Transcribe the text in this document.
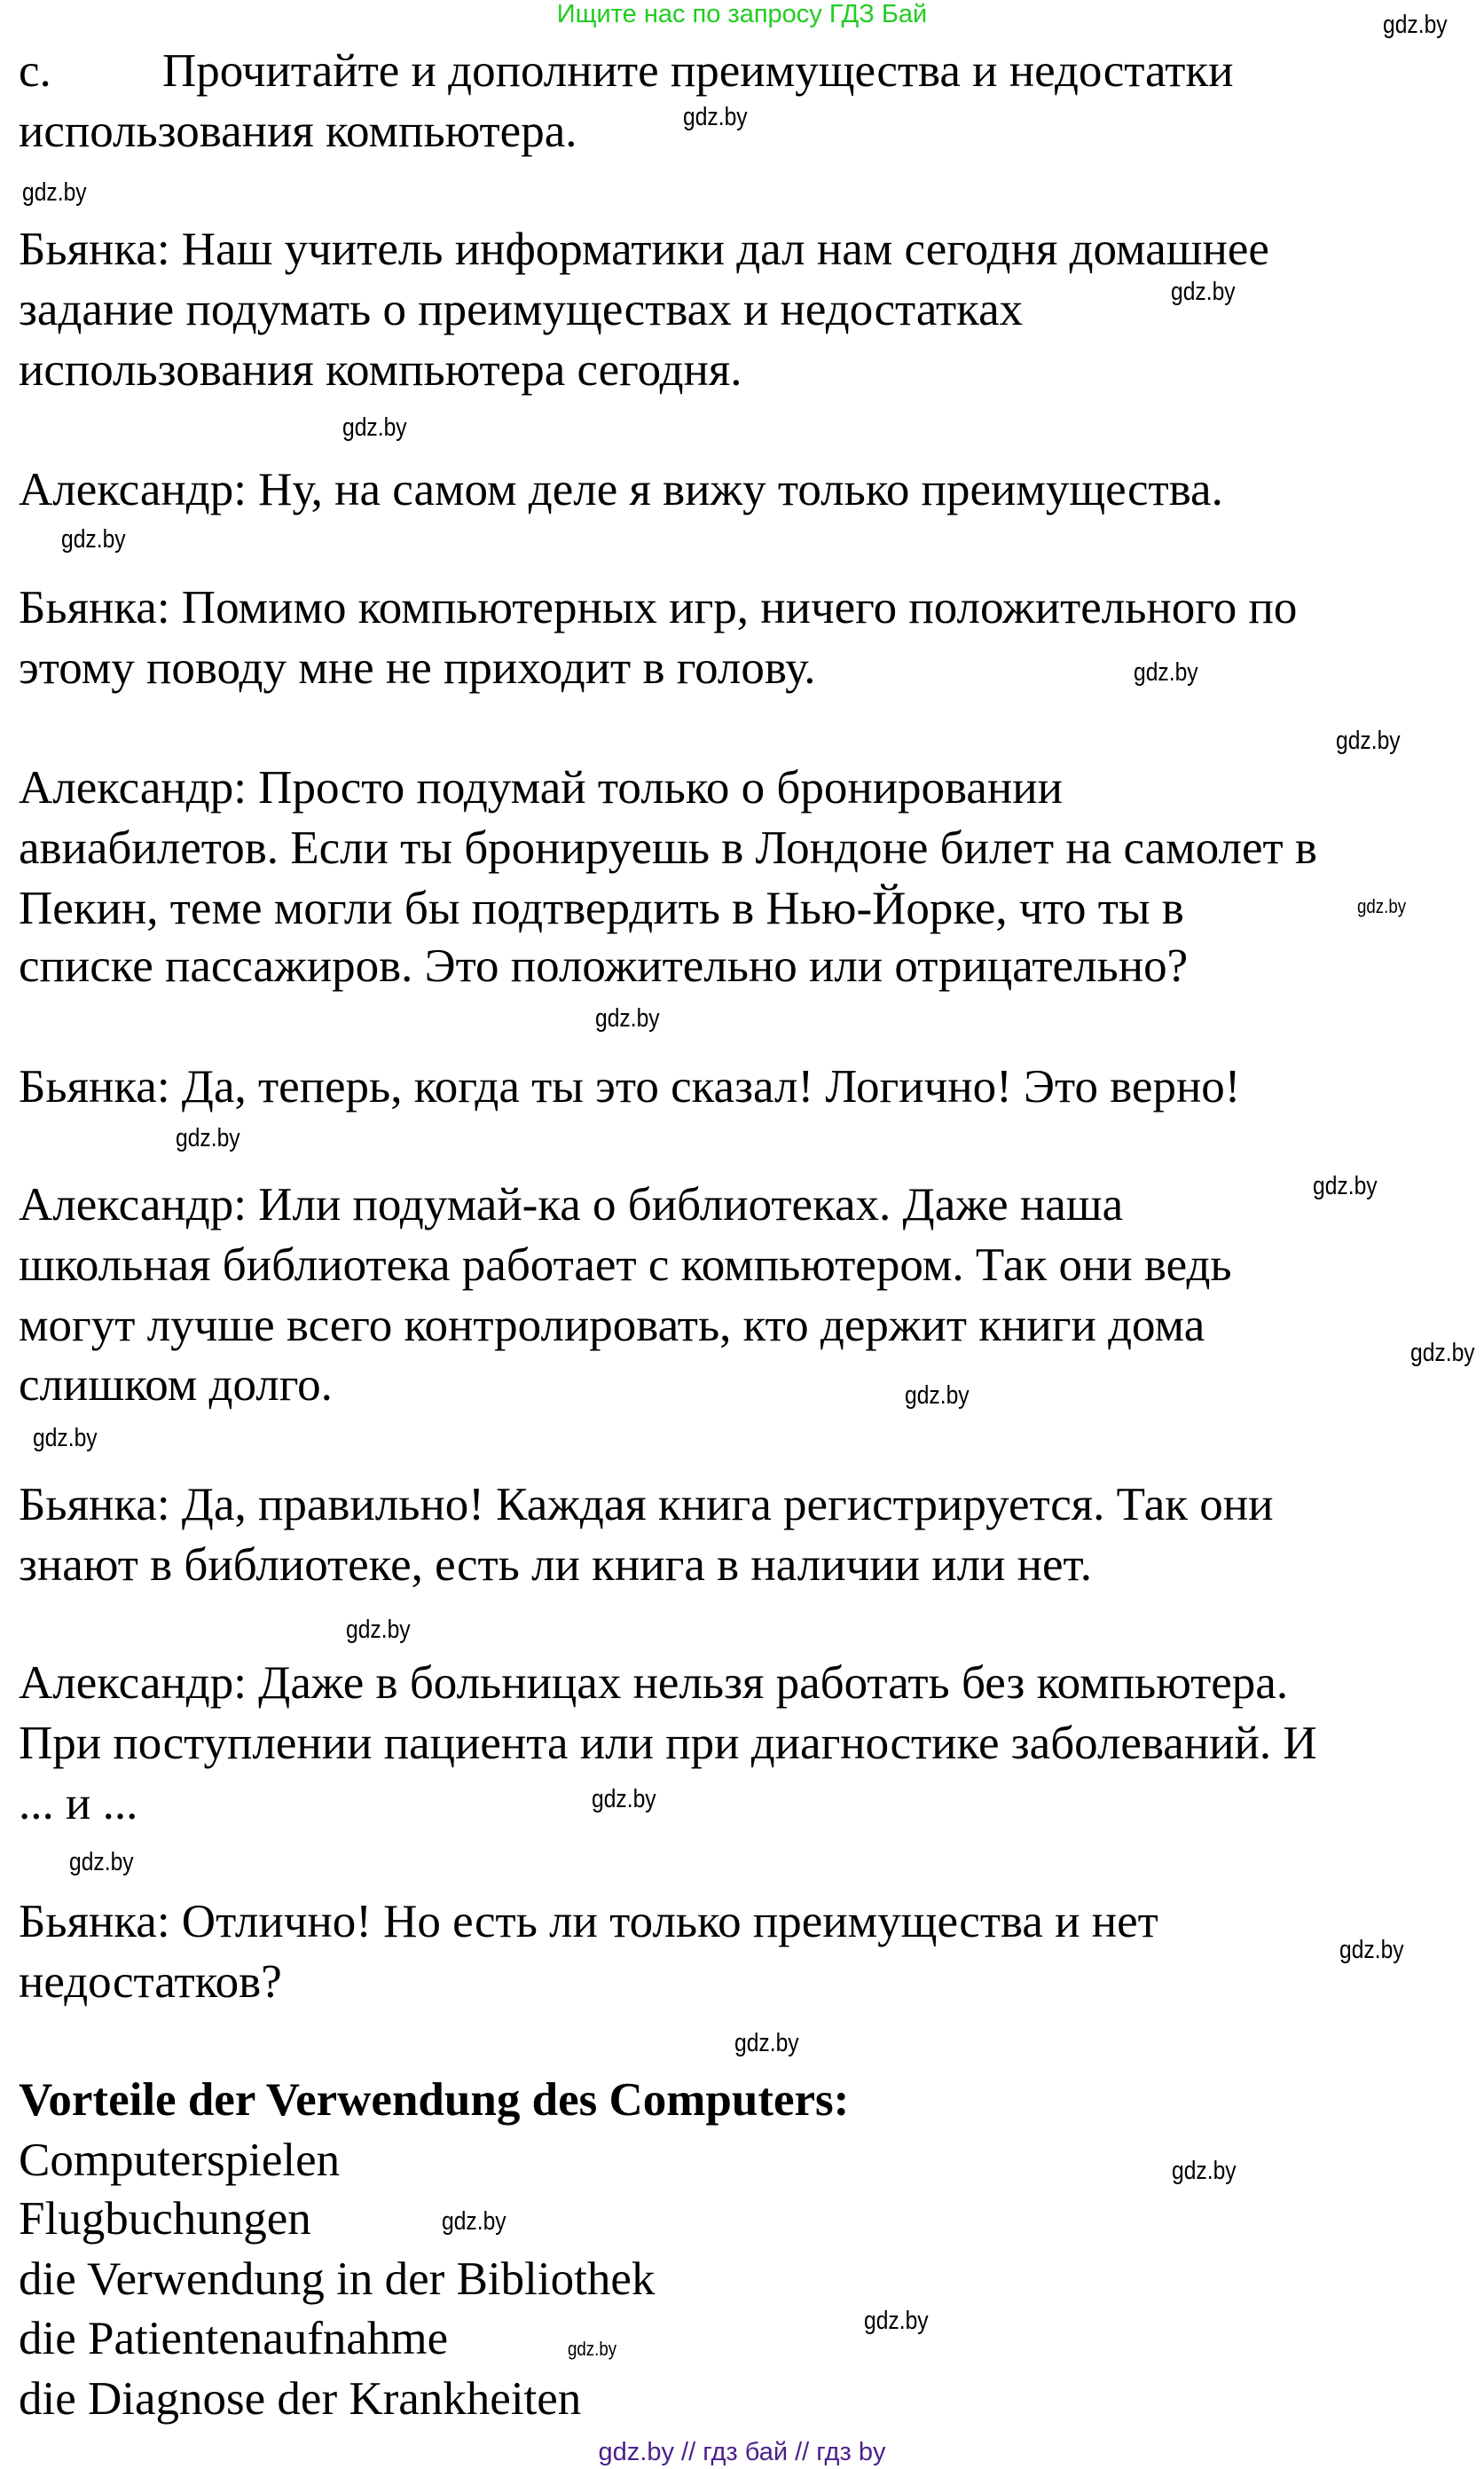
Ищите нас по запросу ГДЗ Бай
с. Прочитайте и дополните преимущества и недостатки
использования компьютера.
Бьянка: Наш учитель информатики дал нам сегодня домашнее
задание подумать о преимуществах и недостатках
использования компьютера сегодня.
Александр: Ну, на самом деле я вижу только преимущества.
Бьянка: Помимо компьютерных игр, ничего положительного по
этому поводу мне не приходит в голову.
Александр: Просто подумай только о бронировании
авиабилетов. Если ты бронируешь в Лондоне билет на самолет в
Пекин, теме могли бы подтвердить в Нью-Йорке, что ты в
списке пассажиров. Это положительно или отрицательно?
Бьянка: Да, теперь, когда ты это сказал! Логично! Это верно!
Александр: Или подумай-ка о библиотеках. Даже наша
школьная библиотека работает с компьютером. Так они ведь
могут лучше всего контролировать, кто держит книги дома
слишком долго.
Бьянка: Да, правильно! Каждая книга регистрируется. Так они
знают в библиотеке, есть ли книга в наличии или нет.
Александр: Даже в больницах нельзя работать без компьютера.
При поступлении пациента или при диагностике заболеваний. И
... и ...
Бьянка: Отлично! Но есть ли только преимущества и нет
недостатков?
Vorteile der Verwendung des Computers:
Computerspielen
Flugbuchungen
die Verwendung in der Bibliothek
die Patientenaufnahme
die Diagnose der Krankheiten
gdz.by
gdz.by
gdz.by
gdz.by
gdz.by
gdz.by
gdz.by
gdz.by
gdz.by
gdz.by
gdz.by
gdz.by
gdz.by
gdz.by
gdz.by
gdz.by
gdz.by
gdz.by
gdz.by
gdz.by
gdz.by
gdz.by
gdz.by
gdz.by
gdz.by // гдз бай // гдз by
